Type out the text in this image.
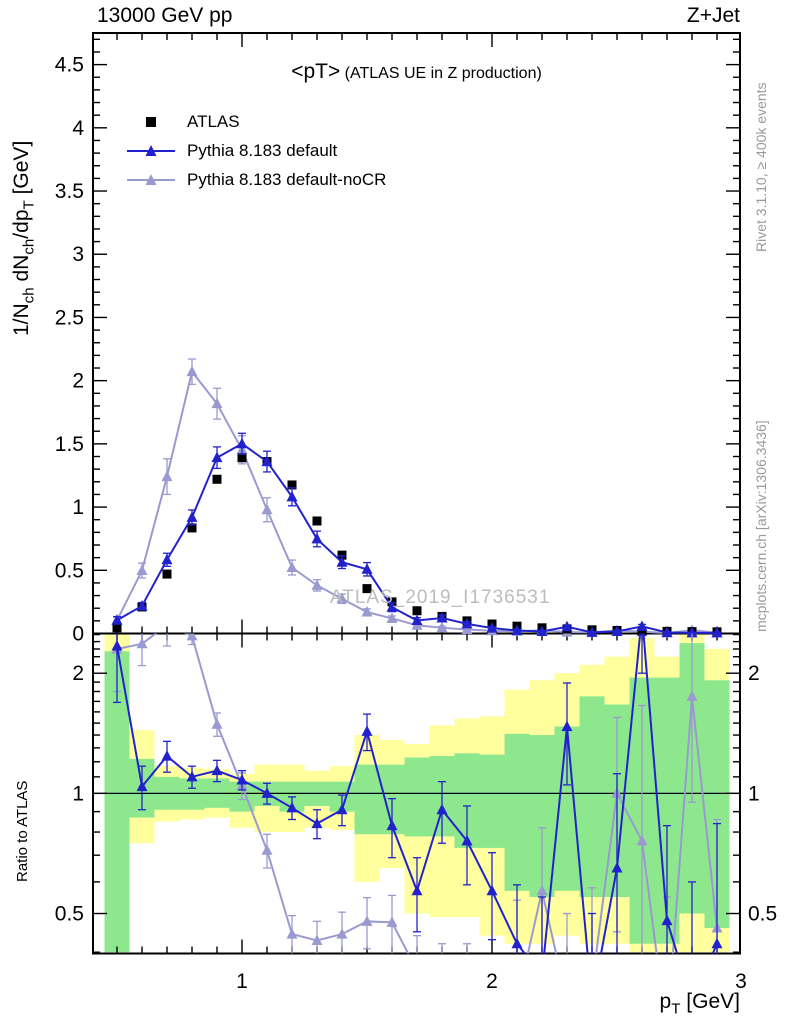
1	2	3
0
0.5
1
1.5
2
2.5
3
3.5
4
4.5
2	2
1	1
0.5	0.5
13000 GeV pp	Z+Jet
<pT> (ATLAS UE in Z production)
ATLAS
Pythia 8.183 default
Pythia 8.183 default-noCR
$1/N_{ch}$ $dN_{ch}/dp_T$ [GeV]
Ratio to ATLAS
$p_T$ [GeV]
Rivet 3.1.10, ≥ 400k events
mcplots.cern.ch [arXiv:1306.3436]
ATLAS_2019_I1736531
